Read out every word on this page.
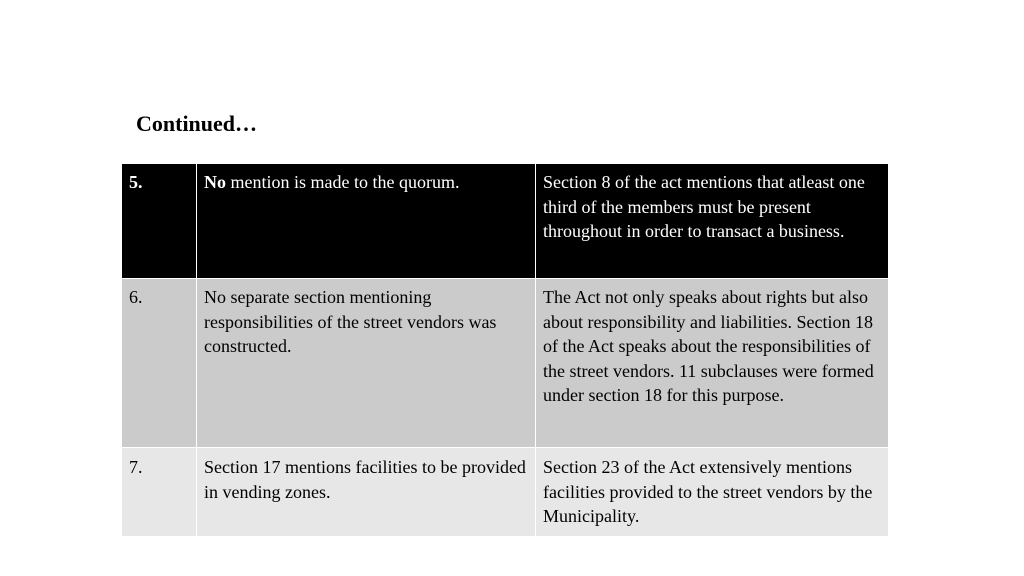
Continued…
5.	No mention is made to the quorum.	Section 8 of the act mentions that atleast one third of the members must be present throughout in order to transact a business.
6.	No separate section mentioning responsibilities of the street vendors was constructed.	The Act not only speaks about rights but also about responsibility and liabilities. Section 18 of the Act speaks about the responsibilities of the street vendors. 11 subclauses were formed under section 18 for this purpose.
7.	Section 17 mentions facilities to be provided in vending zones.	Section 23 of the Act extensively mentions facilities provided to the street vendors by the Municipality.
